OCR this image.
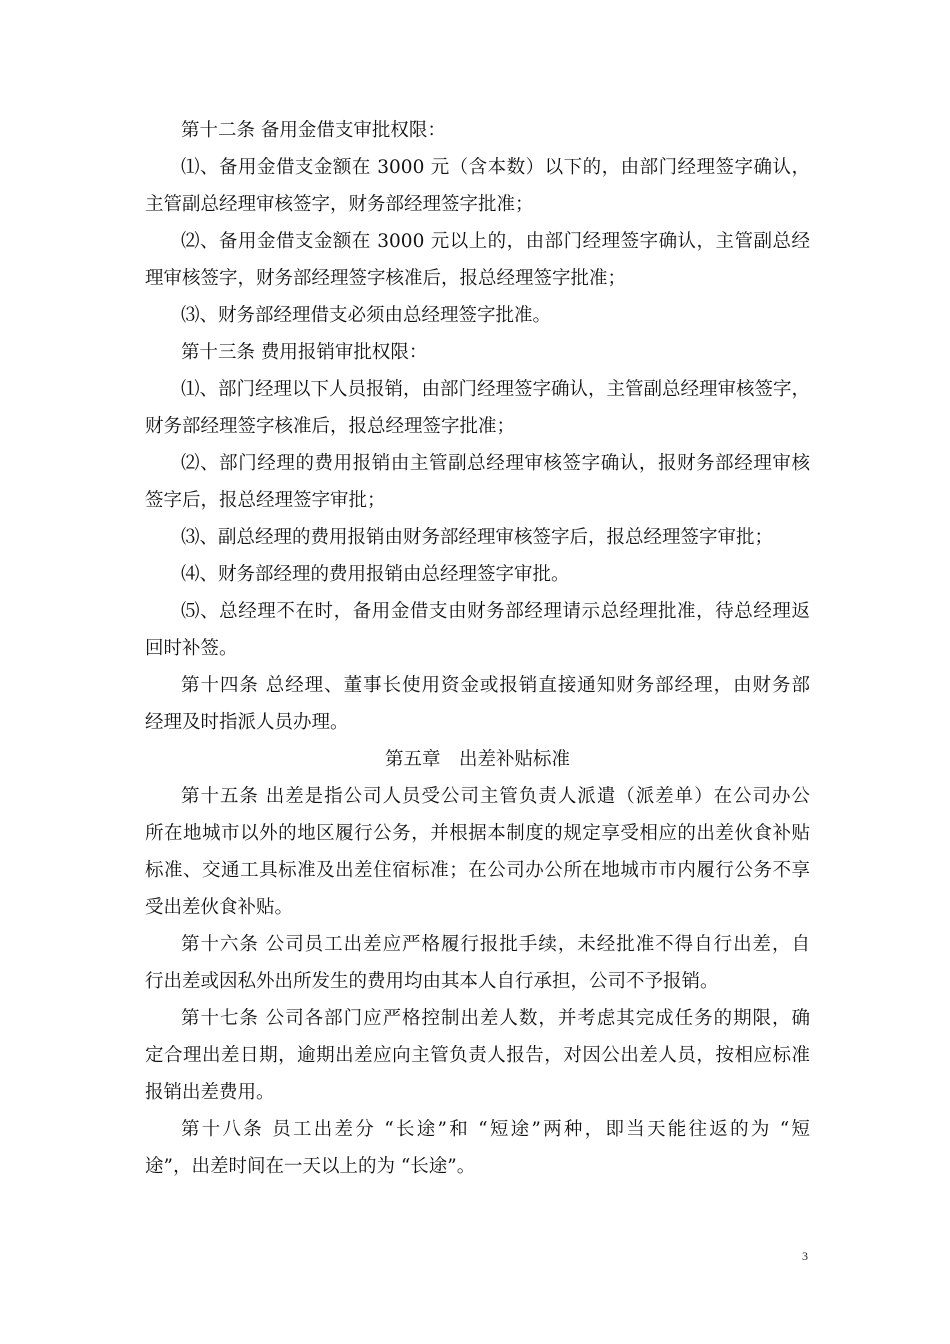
第十二条 备用金借支审批权限：
⑴、备用金借支金额在 3000 元（含本数）以下的，由部门经理签字确认，
主管副总经理审核签字，财务部经理签字批准；
⑵、备用金借支金额在 3000 元以上的，由部门经理签字确认，主管副总经
理审核签字，财务部经理签字核准后，报总经理签字批准；
⑶、财务部经理借支必须由总经理签字批准。
第十三条 费用报销审批权限：
⑴、部门经理以下人员报销，由部门经理签字确认，主管副总经理审核签字，
财务部经理签字核准后，报总经理签字批准；
⑵、部门经理的费用报销由主管副总经理审核签字确认，报财务部经理审核
签字后，报总经理签字审批；
⑶、副总经理的费用报销由财务部经理审核签字后，报总经理签字审批；
⑷、财务部经理的费用报销由总经理签字审批。
⑸、总经理不在时，备用金借支由财务部经理请示总经理批准，待总经理返
回时补签。
第十四条 总经理、董事长使用资金或报销直接通知财务部经理，由财务部
经理及时指派人员办理。
第五章　出差补贴标准
第十五条 出差是指公司人员受公司主管负责人派遣（派差单）在公司办公
所在地城市以外的地区履行公务，并根据本制度的规定享受相应的出差伙食补贴
标准、交通工具标准及出差住宿标准；在公司办公所在地城市市内履行公务不享
受出差伙食补贴。
第十六条 公司员工出差应严格履行报批手续，未经批准不得自行出差，自
行出差或因私外出所发生的费用均由其本人自行承担，公司不予报销。
第十七条 公司各部门应严格控制出差人数，并考虑其完成任务的期限，确
定合理出差日期，逾期出差应向主管负责人报告，对因公出差人员，按相应标准
报销出差费用。
第十八条 员工出差分 “长途”和 “短途”两种，即当天能往返的为 “短
途”，出差时间在一天以上的为 “长途”。
3
